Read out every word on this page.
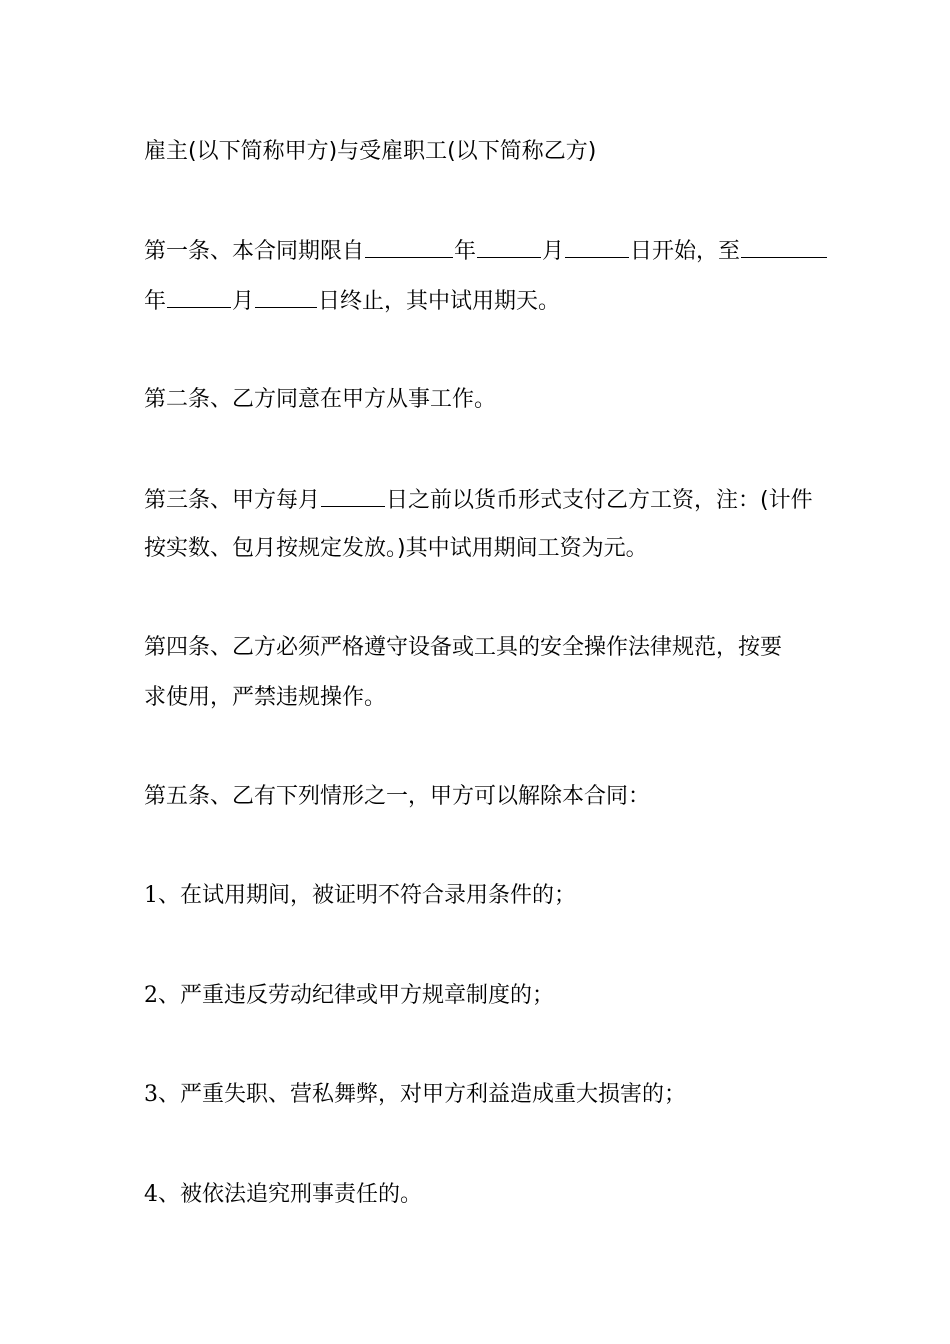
雇主(以下简称甲方)与受雇职工(以下简称乙方)
第一条、本合同期限自	年	月	日开始，至
年	月	日终止，其中试用期天。
第二条、乙方同意在甲方从事工作。
第三条、甲方每月	日之前以货币形式支付乙方工资，注：(计件
按实数、包月按规定发放。)其中试用期间工资为元。
第四条、乙方必须严格遵守设备或工具的安全操作法律规范，按要
求使用，严禁违规操作。
第五条、乙有下列情形之一，甲方可以解除本合同：
1、在试用期间，被证明不符合录用条件的；
2、严重违反劳动纪律或甲方规章制度的；
3、严重失职、营私舞弊，对甲方利益造成重大损害的；
4、被依法追究刑事责任的。
